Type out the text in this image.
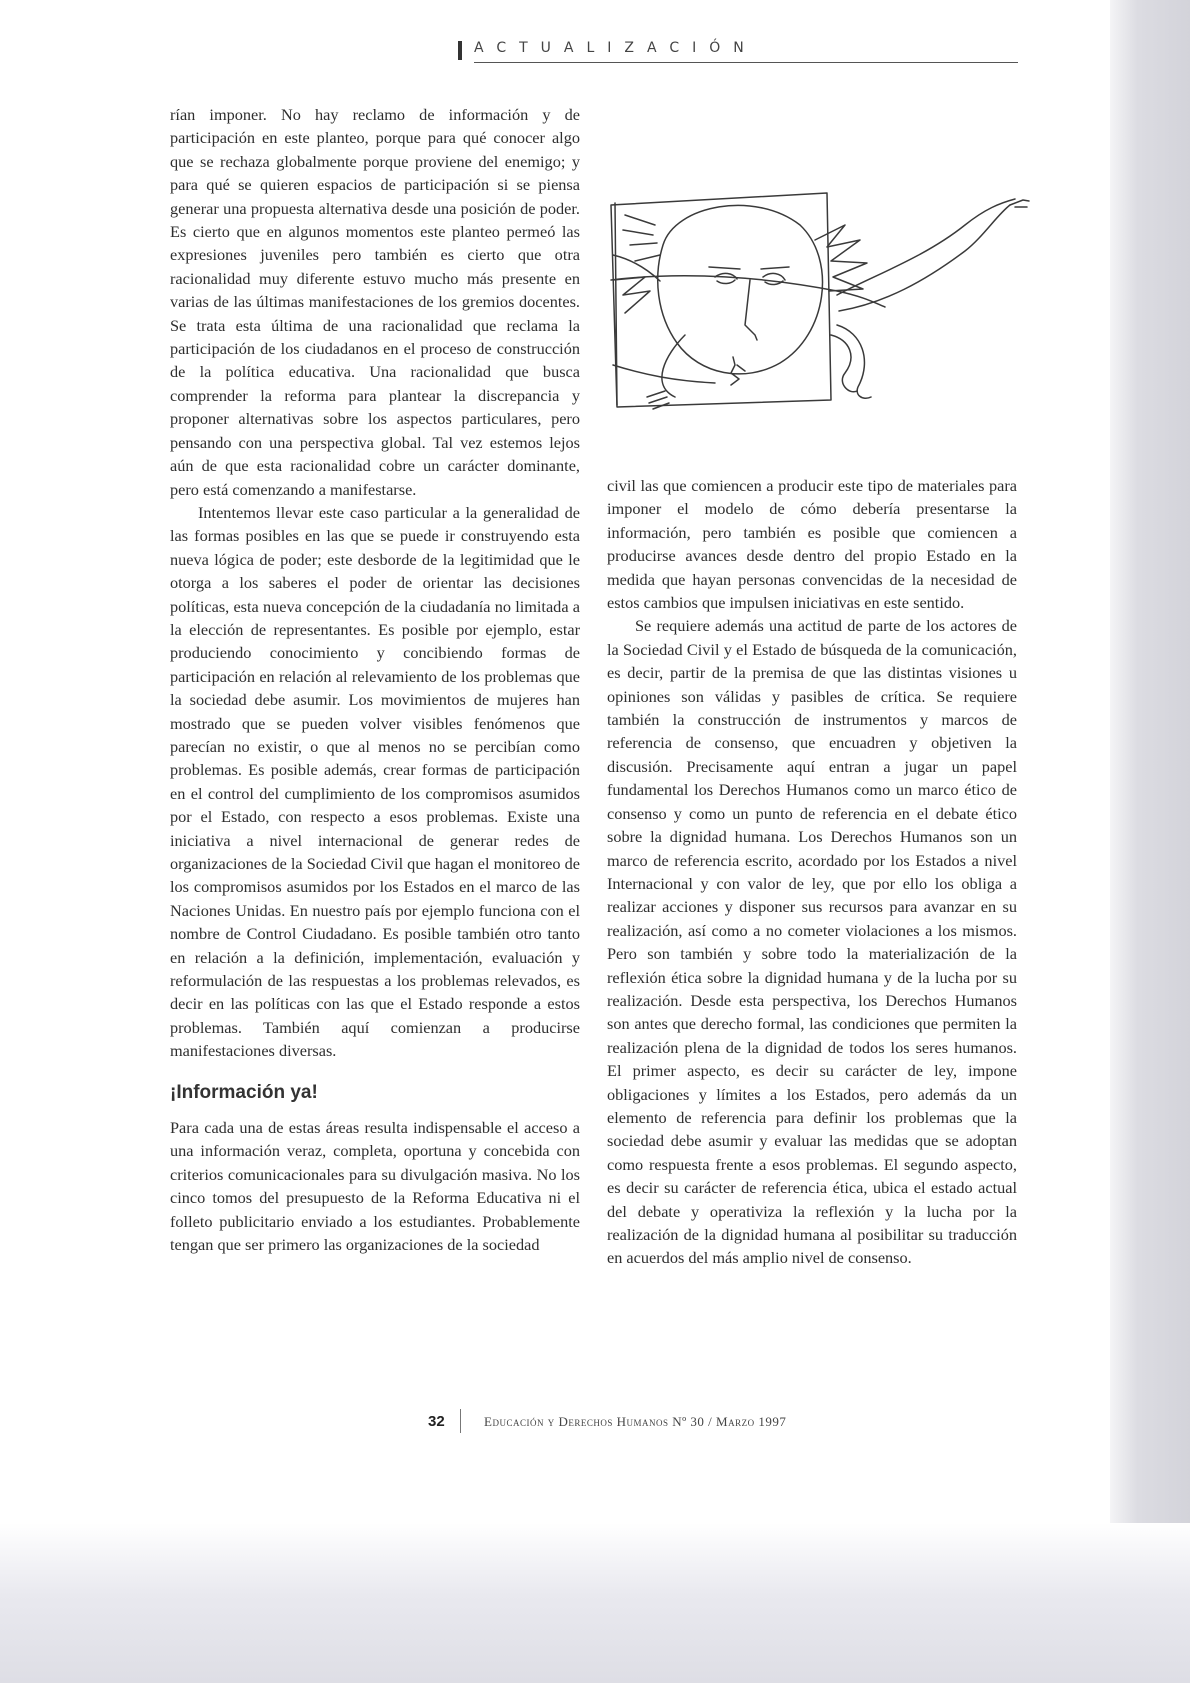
ACTUALIZACIÓN

rían imponer. No hay reclamo de información y de participación en este planteo, porque para qué conocer algo que se rechaza globalmente porque proviene del enemigo; y para qué se quieren espacios de participación si se piensa generar una propuesta alternativa desde una posición de poder. Es cierto que en algunos momentos este planteo permeó las expresiones juveniles pero también es cierto que otra racionalidad muy diferente estuvo mucho más presente en varias de las últimas manifestaciones de los gremios docentes. Se trata esta última de una racionalidad que reclama la participación de los ciudadanos en el proceso de construcción de la política educativa. Una racionalidad que busca comprender la reforma para plantear la discrepancia y proponer alternativas sobre los aspectos particulares, pero pensando con una perspectiva global. Tal vez estemos lejos aún de que esta racionalidad cobre un carácter dominante, pero está comenzando a manifestarse.

Intentemos llevar este caso particular a la generalidad de las formas posibles en las que se puede ir construyendo esta nueva lógica de poder; este desborde de la legitimidad que le otorga a los saberes el poder de orientar las decisiones políticas, esta nueva concepción de la ciudadanía no limitada a la elección de representantes. Es posible por ejemplo, estar produciendo conocimiento y concibiendo formas de participación en relación al relevamiento de los problemas que la sociedad debe asumir. Los movimientos de mujeres han mostrado que se pueden volver visibles fenómenos que parecían no existir, o que al menos no se percibían como problemas. Es posible además, crear formas de participación en el control del cumplimiento de los compromisos asumidos por el Estado, con respecto a esos problemas. Existe una iniciativa a nivel internacional de generar redes de organizaciones de la Sociedad Civil que hagan el monitoreo de los compromisos asumidos por los Estados en el marco de las Naciones Unidas. En nuestro país por ejemplo funciona con el nombre de Control Ciudadano. Es posible también otro tanto en relación a la definición, implementación, evaluación y reformulación de las respuestas a los problemas relevados, es decir en las políticas con las que el Estado responde a estos problemas. También aquí comienzan a producirse manifestaciones diversas.

¡Información ya!

Para cada una de estas áreas resulta indispensable el acceso a una información veraz, completa, oportuna y concebida con criterios comunicacionales para su divulgación masiva. No los cinco tomos del presupuesto de la Reforma Educativa ni el folleto publicitario enviado a los estudiantes. Probablemente tengan que ser primero las organizaciones de la sociedad

civil las que comiencen a producir este tipo de materiales para imponer el modelo de cómo debería presentarse la información, pero también es posible que comiencen a producirse avances desde dentro del propio Estado en la medida que hayan personas convencidas de la necesidad de estos cambios que impulsen iniciativas en este sentido.

Se requiere además una actitud de parte de los actores de la Sociedad Civil y el Estado de búsqueda de la comunicación, es decir, partir de la premisa de que las distintas visiones u opiniones son válidas y pasibles de crítica. Se requiere también la construcción de instrumentos y marcos de referencia de consenso, que encuadren y objetiven la discusión. Precisamente aquí entran a jugar un papel fundamental los Derechos Humanos como un marco ético de consenso y como un punto de referencia en el debate ético sobre la dignidad humana. Los Derechos Humanos son un marco de referencia escrito, acordado por los Estados a nivel Internacional y con valor de ley, que por ello los obliga a realizar acciones y disponer sus recursos para avanzar en su realización, así como a no cometer violaciones a los mismos. Pero son también y sobre todo la materialización de la reflexión ética sobre la dignidad humana y de la lucha por su realización. Desde esta perspectiva, los Derechos Humanos son antes que derecho formal, las condiciones que permiten la realización plena de la dignidad de todos los seres humanos. El primer aspecto, es decir su carácter de ley, impone obligaciones y límites a los Estados, pero además da un elemento de referencia para definir los problemas que la sociedad debe asumir y evaluar las medidas que se adoptan como respuesta frente a esos problemas. El segundo aspecto, es decir su carácter de referencia ética, ubica el estado actual del debate y operativiza la reflexión y la lucha por la realización de la dignidad humana al posibilitar su traducción en acuerdos del más amplio nivel de consenso.

32	Educación y Derechos Humanos Nº 30 / Marzo 1997
